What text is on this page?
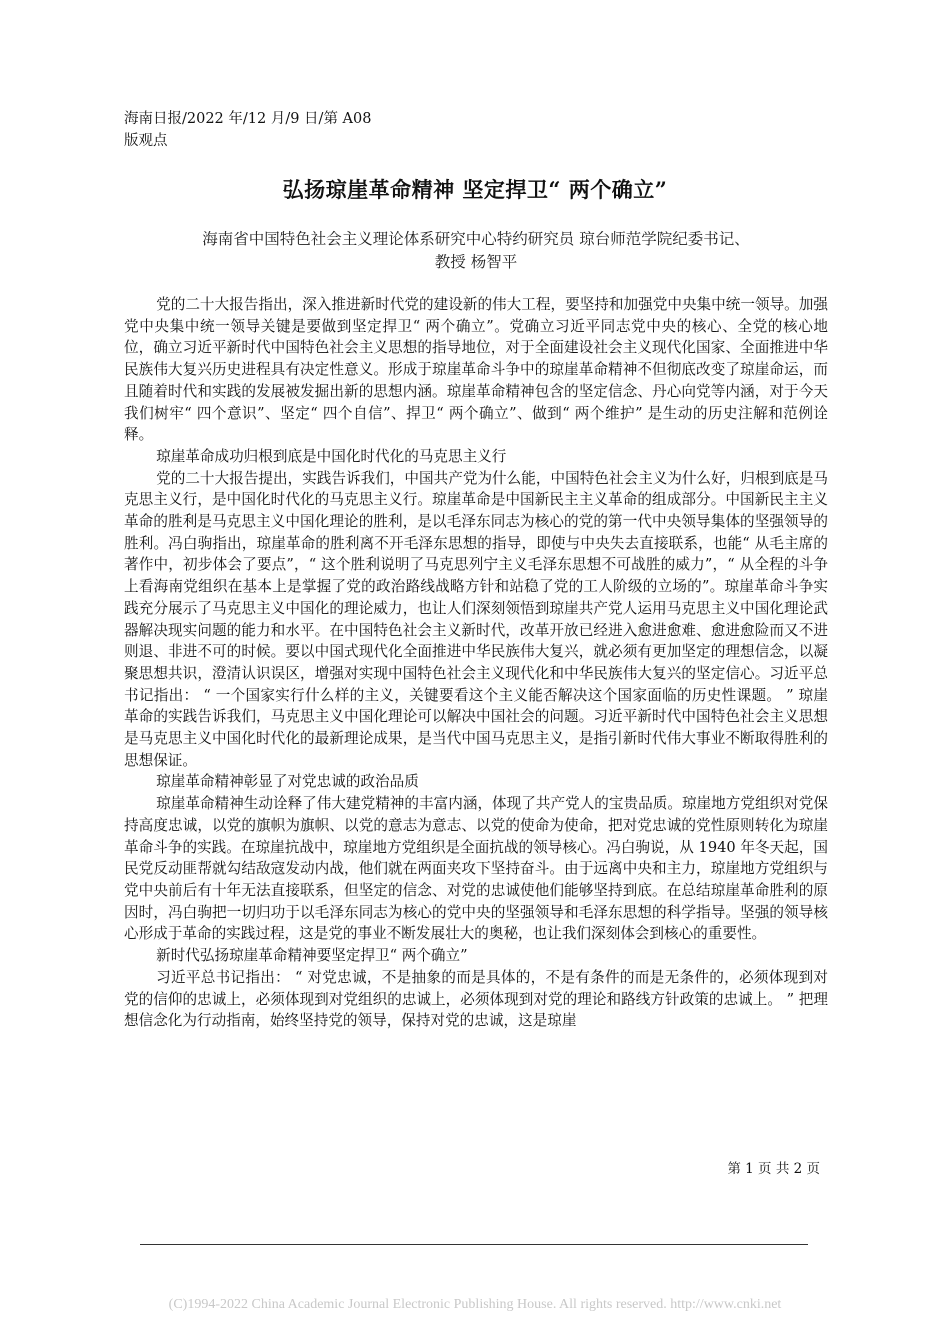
海南日报/2022 年/12 月/9 日/第 A08
版观点
弘扬琼崖革命精神 坚定捍卫“ 两个确立”
海南省中国特色社会主义理论体系研究中心特约研究员 琼台师范学院纪委书记、
教授 杨智平

党的二十大报告指出，深入推进新时代党的建设新的伟大工程，要坚持和加强党中央集中统一领导。加强党中央集中统一领导关键是要做到坚定捍卫“ 两个确立”。党确立习近平同志党中央的核心、全党的核心地位，确立习近平新时代中国特色社会主义思想的指导地位，对于全面建设社会主义现代化国家、全面推进中华民族伟大复兴历史进程具有决定性意义。形成于琼崖革命斗争中的琼崖革命精神不但彻底改变了琼崖命运，而且随着时代和实践的发展被发掘出新的思想内涵。琼崖革命精神包含的坚定信念、丹心向党等内涵，对于今天我们树牢“ 四个意识”、坚定“ 四个自信”、捍卫“ 两个确立”、做到“ 两个维护” 是生动的历史注解和范例诠释。

琼崖革命成功归根到底是中国化时代化的马克思主义行

党的二十大报告提出，实践告诉我们，中国共产党为什么能，中国特色社会主义为什么好，归根到底是马克思主义行，是中国化时代化的马克思主义行。琼崖革命是中国新民主主义革命的组成部分。中国新民主主义革命的胜利是马克思主义中国化理论的胜利，是以毛泽东同志为核心的党的第一代中央领导集体的坚强领导的胜利。冯白驹指出，琼崖革命的胜利离不开毛泽东思想的指导，即使与中央失去直接联系，也能“ 从毛主席的著作中，初步体会了要点”，“ 这个胜利说明了马克思列宁主义毛泽东思想不可战胜的威力”，“ 从全程的斗争上看海南党组织在基本上是掌握了党的政治路线战略方针和站稳了党的工人阶级的立场的”。琼崖革命斗争实践充分展示了马克思主义中国化的理论威力，也让人们深刻领悟到琼崖共产党人运用马克思主义中国化理论武器解决现实问题的能力和水平。在中国特色社会主义新时代，改革开放已经进入愈进愈难、愈进愈险而又不进则退、非进不可的时候。要以中国式现代化全面推进中华民族伟大复兴，就必须有更加坚定的理想信念，以凝聚思想共识，澄清认识误区，增强对实现中国特色社会主义现代化和中华民族伟大复兴的坚定信心。习近平总书记指出： “ 一个国家实行什么样的主义，关键要看这个主义能否解决这个国家面临的历史性课题。 ” 琼崖革命的实践告诉我们，马克思主义中国化理论可以解决中国社会的问题。习近平新时代中国特色社会主义思想是马克思主义中国化时代化的最新理论成果，是当代中国马克思主义，是指引新时代伟大事业不断取得胜利的思想保证。

琼崖革命精神彰显了对党忠诚的政治品质

琼崖革命精神生动诠释了伟大建党精神的丰富内涵，体现了共产党人的宝贵品质。琼崖地方党组织对党保持高度忠诚，以党的旗帜为旗帜、以党的意志为意志、以党的使命为使命，把对党忠诚的党性原则转化为琼崖革命斗争的实践。在琼崖抗战中，琼崖地方党组织是全面抗战的领导核心。冯白驹说，从 1940 年冬天起，国民党反动匪帮就勾结敌寇发动内战，他们就在两面夹攻下坚持奋斗。由于远离中央和主力，琼崖地方党组织与党中央前后有十年无法直接联系，但坚定的信念、对党的忠诚使他们能够坚持到底。在总结琼崖革命胜利的原因时，冯白驹把一切归功于以毛泽东同志为核心的党中央的坚强领导和毛泽东思想的科学指导。坚强的领导核心形成于革命的实践过程，这是党的事业不断发展壮大的奥秘，也让我们深刻体会到核心的重要性。

新时代弘扬琼崖革命精神要坚定捍卫“ 两个确立”

习近平总书记指出： “ 对党忠诚，不是抽象的而是具体的，不是有条件的而是无条件的，必须体现到对党的信仰的忠诚上，必须体现到对党组织的忠诚上，必须体现到对党的理论和路线方针政策的忠诚上。 ” 把理想信念化为行动指南，始终坚持党的领导，保持对党的忠诚，这是琼崖

第 1 页 共 2 页
(C)1994-2022 China Academic Journal Electronic Publishing House. All rights reserved. http://www.cnki.net
